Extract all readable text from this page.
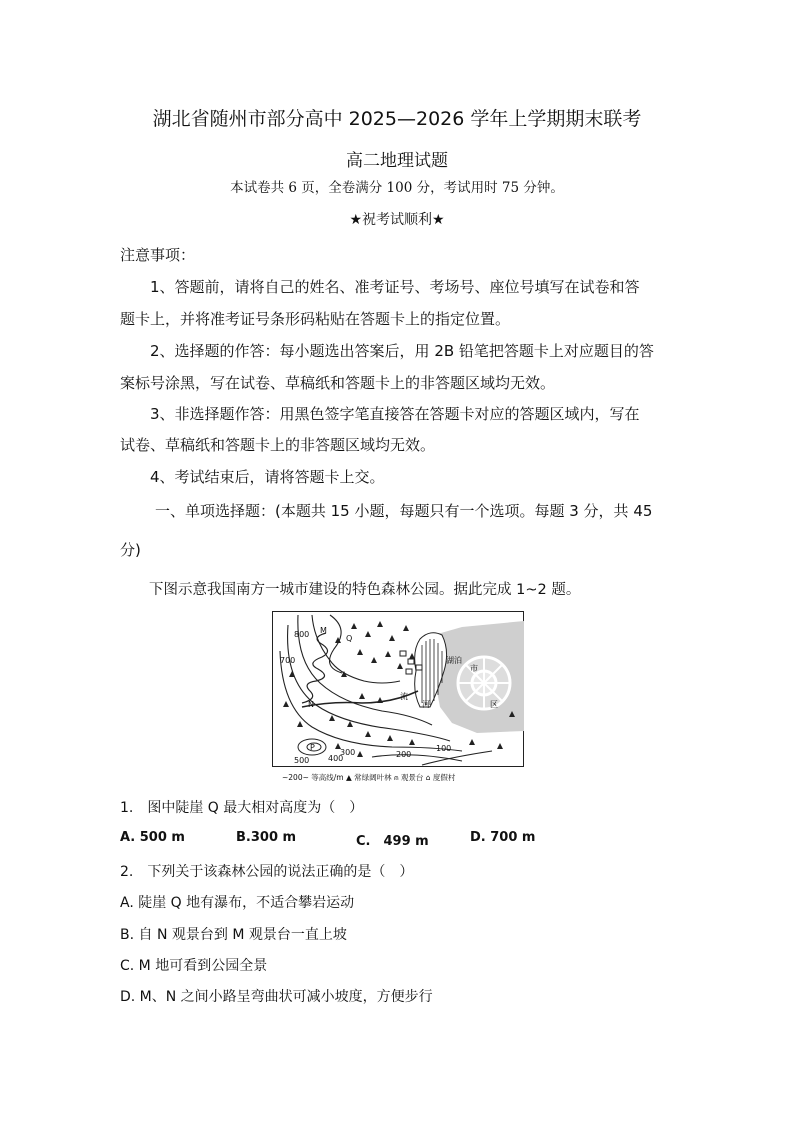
湖北省随州市部分高中 2025—2026 学年上学期期末联考
高二地理试题
本试卷共 6 页，全卷满分 100 分，考试用时 75 分钟。
★祝考试顺利★
注意事项：
1、答题前，请将自己的姓名、准考证号、考场号、座位号填写在试卷和答
题卡上，并将准考证号条形码粘贴在答题卡上的指定位置。
2、选择题的作答：每小题选出答案后，用 2B 铅笔把答题卡上对应题目的答
案标号涂黑，写在试卷、草稿纸和答题卡上的非答题区域均无效。
3、非选择题作答：用黑色签字笔直接答在答题卡对应的答题区域内，写在
试卷、草稿纸和答题卡上的非答题区域均无效。
4、考试结束后，请将答题卡上交。
一、单项选择题：(本题共 15 小题，每题只有一个选项。每题 3 分，共 45
分)
下图示意我国南方一城市建设的特色森林公园。据此完成 1~2 题。
800
700
500 400
300	200
100
M
Q
N
P
湖泊
流
河
市
区
~200~ 等高线/m ▲ 常绿阔叶林 ⍝ 观景台 ⌂ 度假村
1.　图中陡崖 Q 最大相对高度为（　）
A. 500 m	B.300 m	C.　499 m	D. 700 m
2.　下列关于该森林公园的说法正确的是（　）
A. 陡崖 Q 地有瀑布，不适合攀岩运动
B. 自 N 观景台到 M 观景台一直上坡
C. M 地可看到公园全景
D. M、N 之间小路呈弯曲状可减小坡度，方便步行
